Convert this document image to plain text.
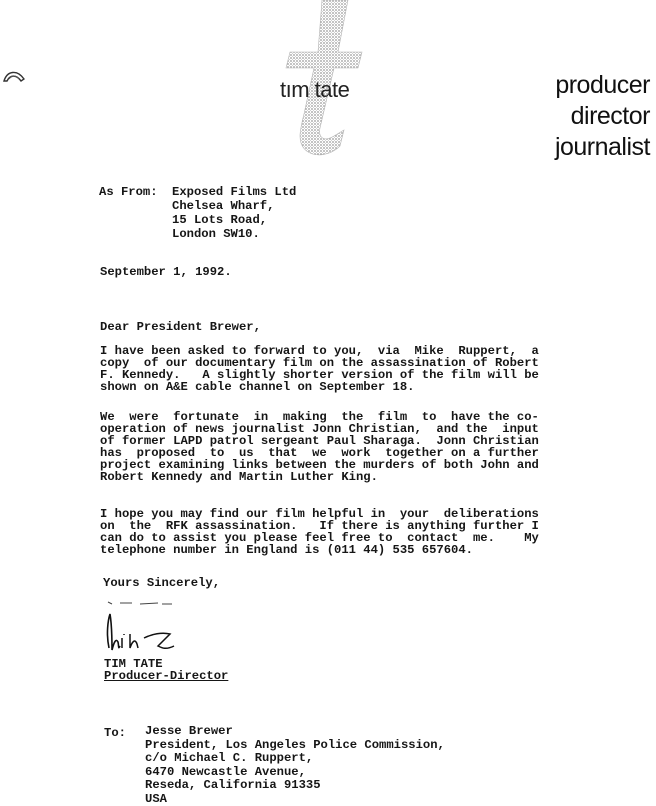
tım tate	producer
director
journalist
As From: Exposed Films Ltd
Chelsea Wharf,
15 Lots Road,
London SW10.
September 1, 1992.
Dear President Brewer,
I have been asked to forward to you,  via  Mike  Ruppert,  a
copy  of our documentary film on the assassination of Robert
F. Kennedy.   A slightly shorter version of the film will be
shown on A&E cable channel on September 18.
We  were  fortunate  in  making  the  film  to  have the co-
operation of news journalist Jonn Christian,  and the  input
of former LAPD patrol sergeant Paul Sharaga.  Jonn Christian
has  proposed  to  us  that  we  work  together on a further
project examining links between the murders of both John and
Robert Kennedy and Martin Luther King.
I hope you may find our film helpful in  your  deliberations
on  the  RFK assassination.   If there is anything further I
can do to assist you please feel free to  contact  me.    My
telephone number in England is (011 44) 535 657604.
Yours Sincerely,
TIM TATE
Producer-Director
To: Jesse Brewer
President, Los Angeles Police Commission,
c/o Michael C. Ruppert,
6470 Newcastle Avenue,
Reseda, California 91335
USA
